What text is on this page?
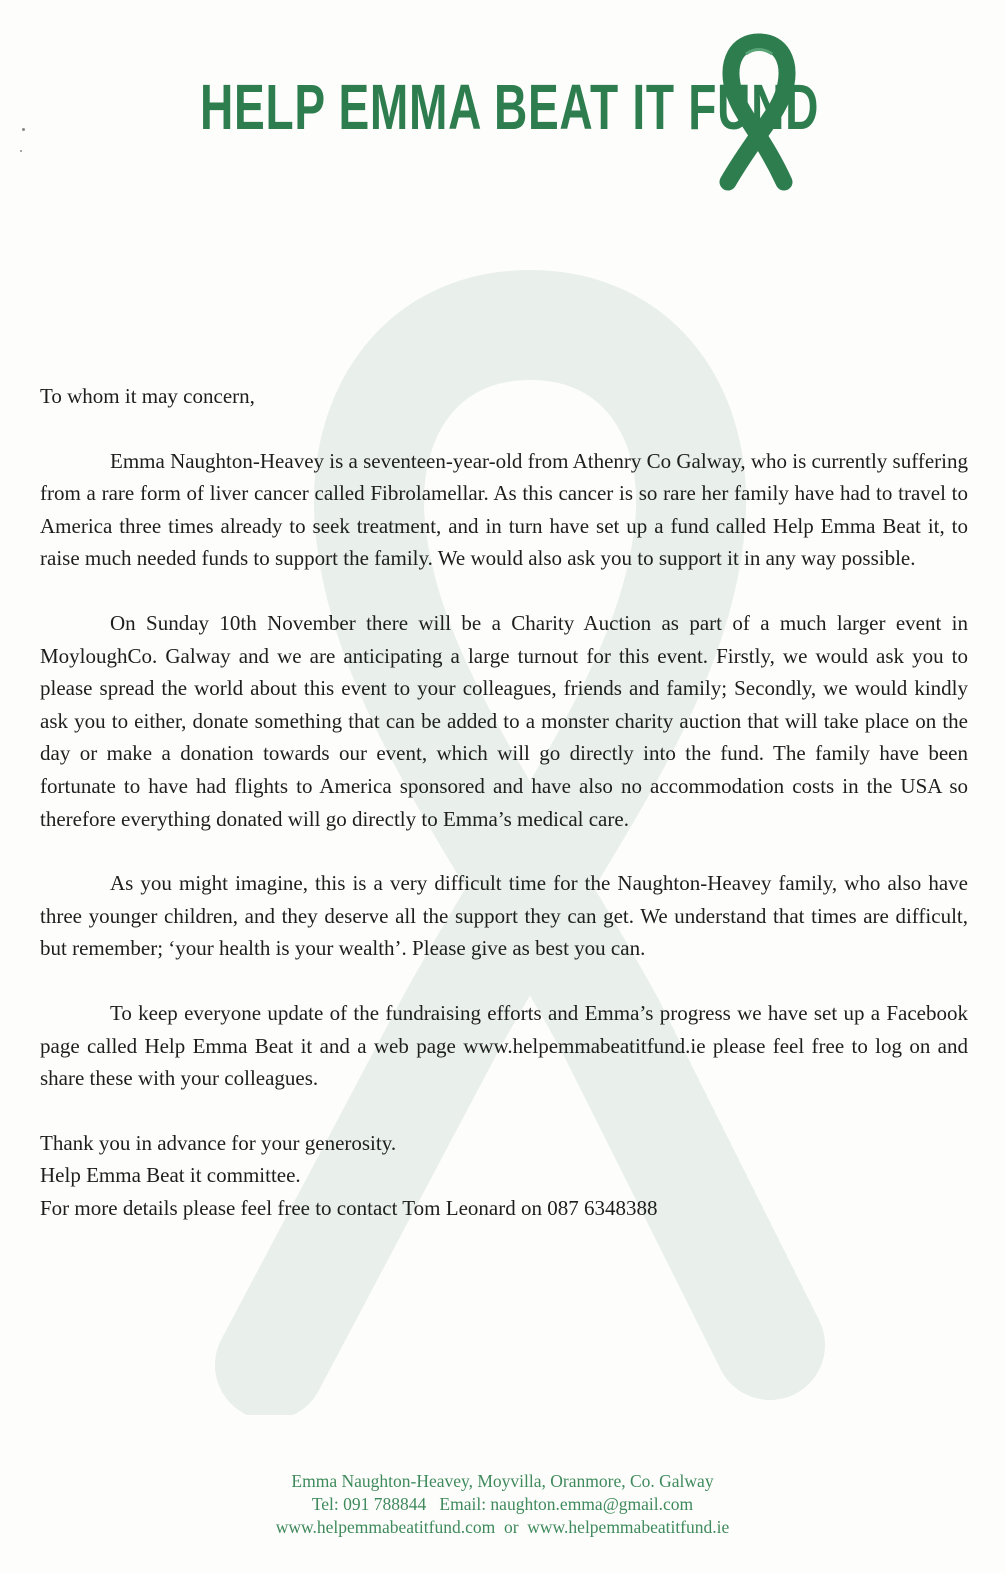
HELP EMMA BEAT IT FUND

To whom it may concern,

Emma Naughton-Heavey is a seventeen-year-old from Athenry Co Galway, who is currently suffering from a rare form of liver cancer called Fibrolamellar. As this cancer is so rare her family have had to travel to America three times already to seek treatment, and in turn have set up a fund called Help Emma Beat it, to raise much needed funds to support the family. We would also ask you to support it in any way possible.

On Sunday 10th November there will be a Charity Auction as part of a much larger event in MoyloughCo. Galway and we are anticipating a large turnout for this event. Firstly, we would ask you to please spread the world about this event to your colleagues, friends and family; Secondly, we would kindly ask you to either, donate something that can be added to a monster charity auction that will take place on the day or make a donation towards our event, which will go directly into the fund. The family have been fortunate to have had flights to America sponsored and have also no accommodation costs in the USA so therefore everything donated will go directly to Emma’s medical care.

As you might imagine, this is a very difficult time for the Naughton-Heavey family, who also have three younger children, and they deserve all the support they can get. We understand that times are difficult, but remember; ‘your health is your wealth’. Please give as best you can.

To keep everyone update of the fundraising efforts and Emma’s progress we have set up a Facebook page called Help Emma Beat it and a web page www.helpemmabeatitfund.ie please feel free to log on and share these with your colleagues.

Thank you in advance for your generosity.

Help Emma Beat it committee.

For more details please feel free to contact Tom Leonard on 087 6348388

Emma Naughton-Heavey, Moyvilla, Oranmore, Co. Galway
Tel: 091 788844   Email: naughton.emma@gmail.com
www.helpemmabeatitfund.com  or  www.helpemmabeatitfund.ie
